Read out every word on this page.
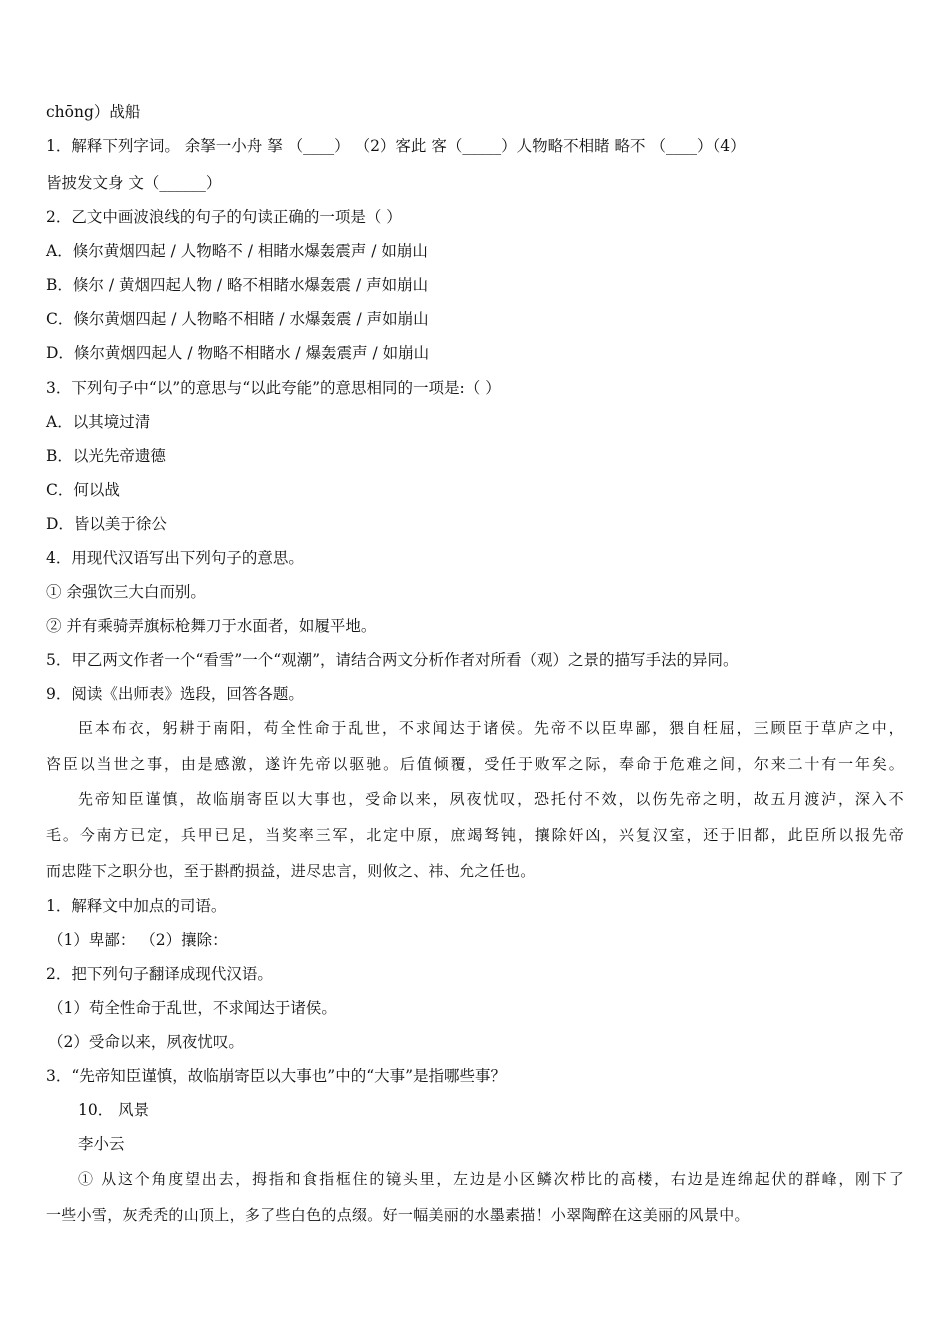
chōng）战船
1．解释下列字词。 余拏一小舟 拏 （____） （2）客此 客（_____）人物略不相睹 略不 （____）（4）
皆披发文身 文（______）
2．乙文中画波浪线的句子的句读正确的一项是（ ）
A．倏尔黄烟四起 / 人物略不 / 相睹水爆轰震声 / 如崩山
B．倏尔 / 黄烟四起人物 / 略不相睹水爆轰震 / 声如崩山
C．倏尔黄烟四起 / 人物略不相睹 / 水爆轰震 / 声如崩山
D．倏尔黄烟四起人 / 物略不相睹水 / 爆轰震声 / 如崩山
3．下列句子中“以”的意思与“以此夸能”的意思相同的一项是:（ ）
A．以其境过清
B．以光先帝遗德
C．何以战
D．皆以美于徐公
4．用现代汉语写出下列句子的意思。
① 余强饮三大白而别。
② 并有乘骑弄旗标枪舞刀于水面者，如履平地。
5．甲乙两文作者一个“看雪”一个“观潮”，请结合两文分析作者对所看（观）之景的描写手法的异同。
9．阅读《出师表》选段，回答各题。
臣本布衣，躬耕于南阳，苟全性命于乱世，不求闻达于诸侯。先帝不以臣卑鄙，猥自枉屈，三顾臣于草庐之中，
咨臣以当世之事，由是感激，遂许先帝以驱驰。后值倾覆，受任于败军之际，奉命于危难之间，尔来二十有一年矣。
先帝知臣谨慎，故临崩寄臣以大事也，受命以来，夙夜忧叹，恐托付不效，以伤先帝之明，故五月渡泸，深入不
毛。今南方已定，兵甲已足，当奖率三军，北定中原，庶竭驽钝，攘除奸凶，兴复汉室，还于旧都，此臣所以报先帝
而忠陛下之职分也，至于斟酌损益，进尽忠言，则攸之、祎、允之任也。
1．解释文中加点的司语。
（1）卑鄙： （2）攘除：
2．把下列句子翻译成现代汉语。
（1）苟全性命于乱世，不求闻达于诸侯。
（2）受命以来，夙夜忧叹。
3．“先帝知臣谨慎，故临崩寄臣以大事也”中的“大事”是指哪些事？
10． 风景
李小云
① 从这个角度望出去，拇指和食指框住的镜头里，左边是小区鳞次栉比的高楼，右边是连绵起伏的群峰，刚下了
一些小雪，灰秃秃的山顶上，多了些白色的点缀。好一幅美丽的水墨素描！小翠陶醉在这美丽的风景中。
